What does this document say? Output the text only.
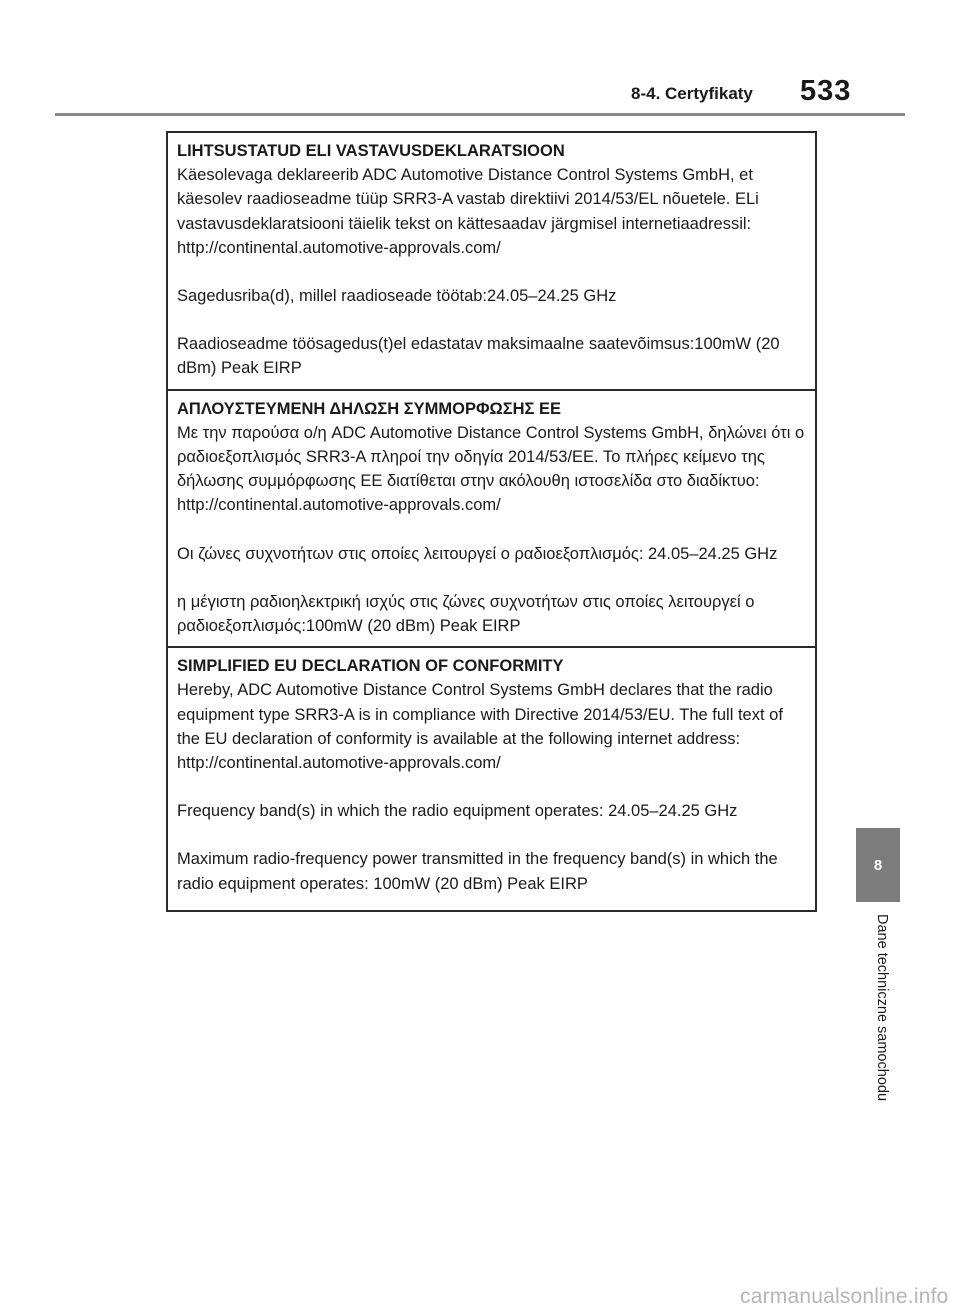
8-4. Certyfikaty 533
LIHTSUSTATUD ELI VASTAVUSDEKLARATSIOON

Käesolevaga deklareerib ADC Automotive Distance Control Systems GmbH, et käesolev raadioseadme tüüp SRR3-A vastab direktiivi 2014/53/EL nõuetele. ELi vastavusdeklaratsiooni täielik tekst on kättesaadav järgmisel internetiaadressil:

http://continental.automotive-approvals.com/

Sagedusriba(d), millel raadioseade töötab:24.05–24.25 GHz

Raadioseadme töösagedus(t)el edastatav maksimaalne saatevõimsus:100mW (20 dBm) Peak EIRP

ΑΠΛΟΥΣΤΕΥΜΕΝΗ ΔΗΛΩΣΗ ΣΥΜΜΟΡΦΩΣΗΣ ΕΕ

Με την παρούσα ο/η ADC Automotive Distance Control Systems GmbH, δηλώνει ότι ο ραδιοεξοπλισμός SRR3-A πληροί την οδηγία 2014/53/ΕΕ. Το πλήρες κείμενο της δήλωσης συμμόρφωσης ΕΕ διατίθεται στην ακόλουθη ιστοσελίδα στο διαδίκτυο:

http://continental.automotive-approvals.com/

Οι ζώνες συχνοτήτων στις οποίες λειτουργεί ο ραδιοεξοπλισμός: 24.05–24.25 GHz

η μέγιστη ραδιοηλεκτρική ισχύς στις ζώνες συχνοτήτων στις οποίες λειτουργεί ο ραδιοεξοπλισμός:100mW (20 dBm) Peak EIRP

SIMPLIFIED EU DECLARATION OF CONFORMITY

Hereby, ADC Automotive Distance Control Systems GmbH declares that the radio equipment type SRR3-A is in compliance with Directive 2014/53/EU. The full text of the EU declaration of conformity is available at the following internet address:

http://continental.automotive-approvals.com/

Frequency band(s) in which the radio equipment operates: 24.05–24.25 GHz

Maximum radio-frequency power transmitted in the frequency band(s) in which the radio equipment operates: 100mW (20 dBm) Peak EIRP

8
Dane techniczne samochodu
carmanualsonline.info
